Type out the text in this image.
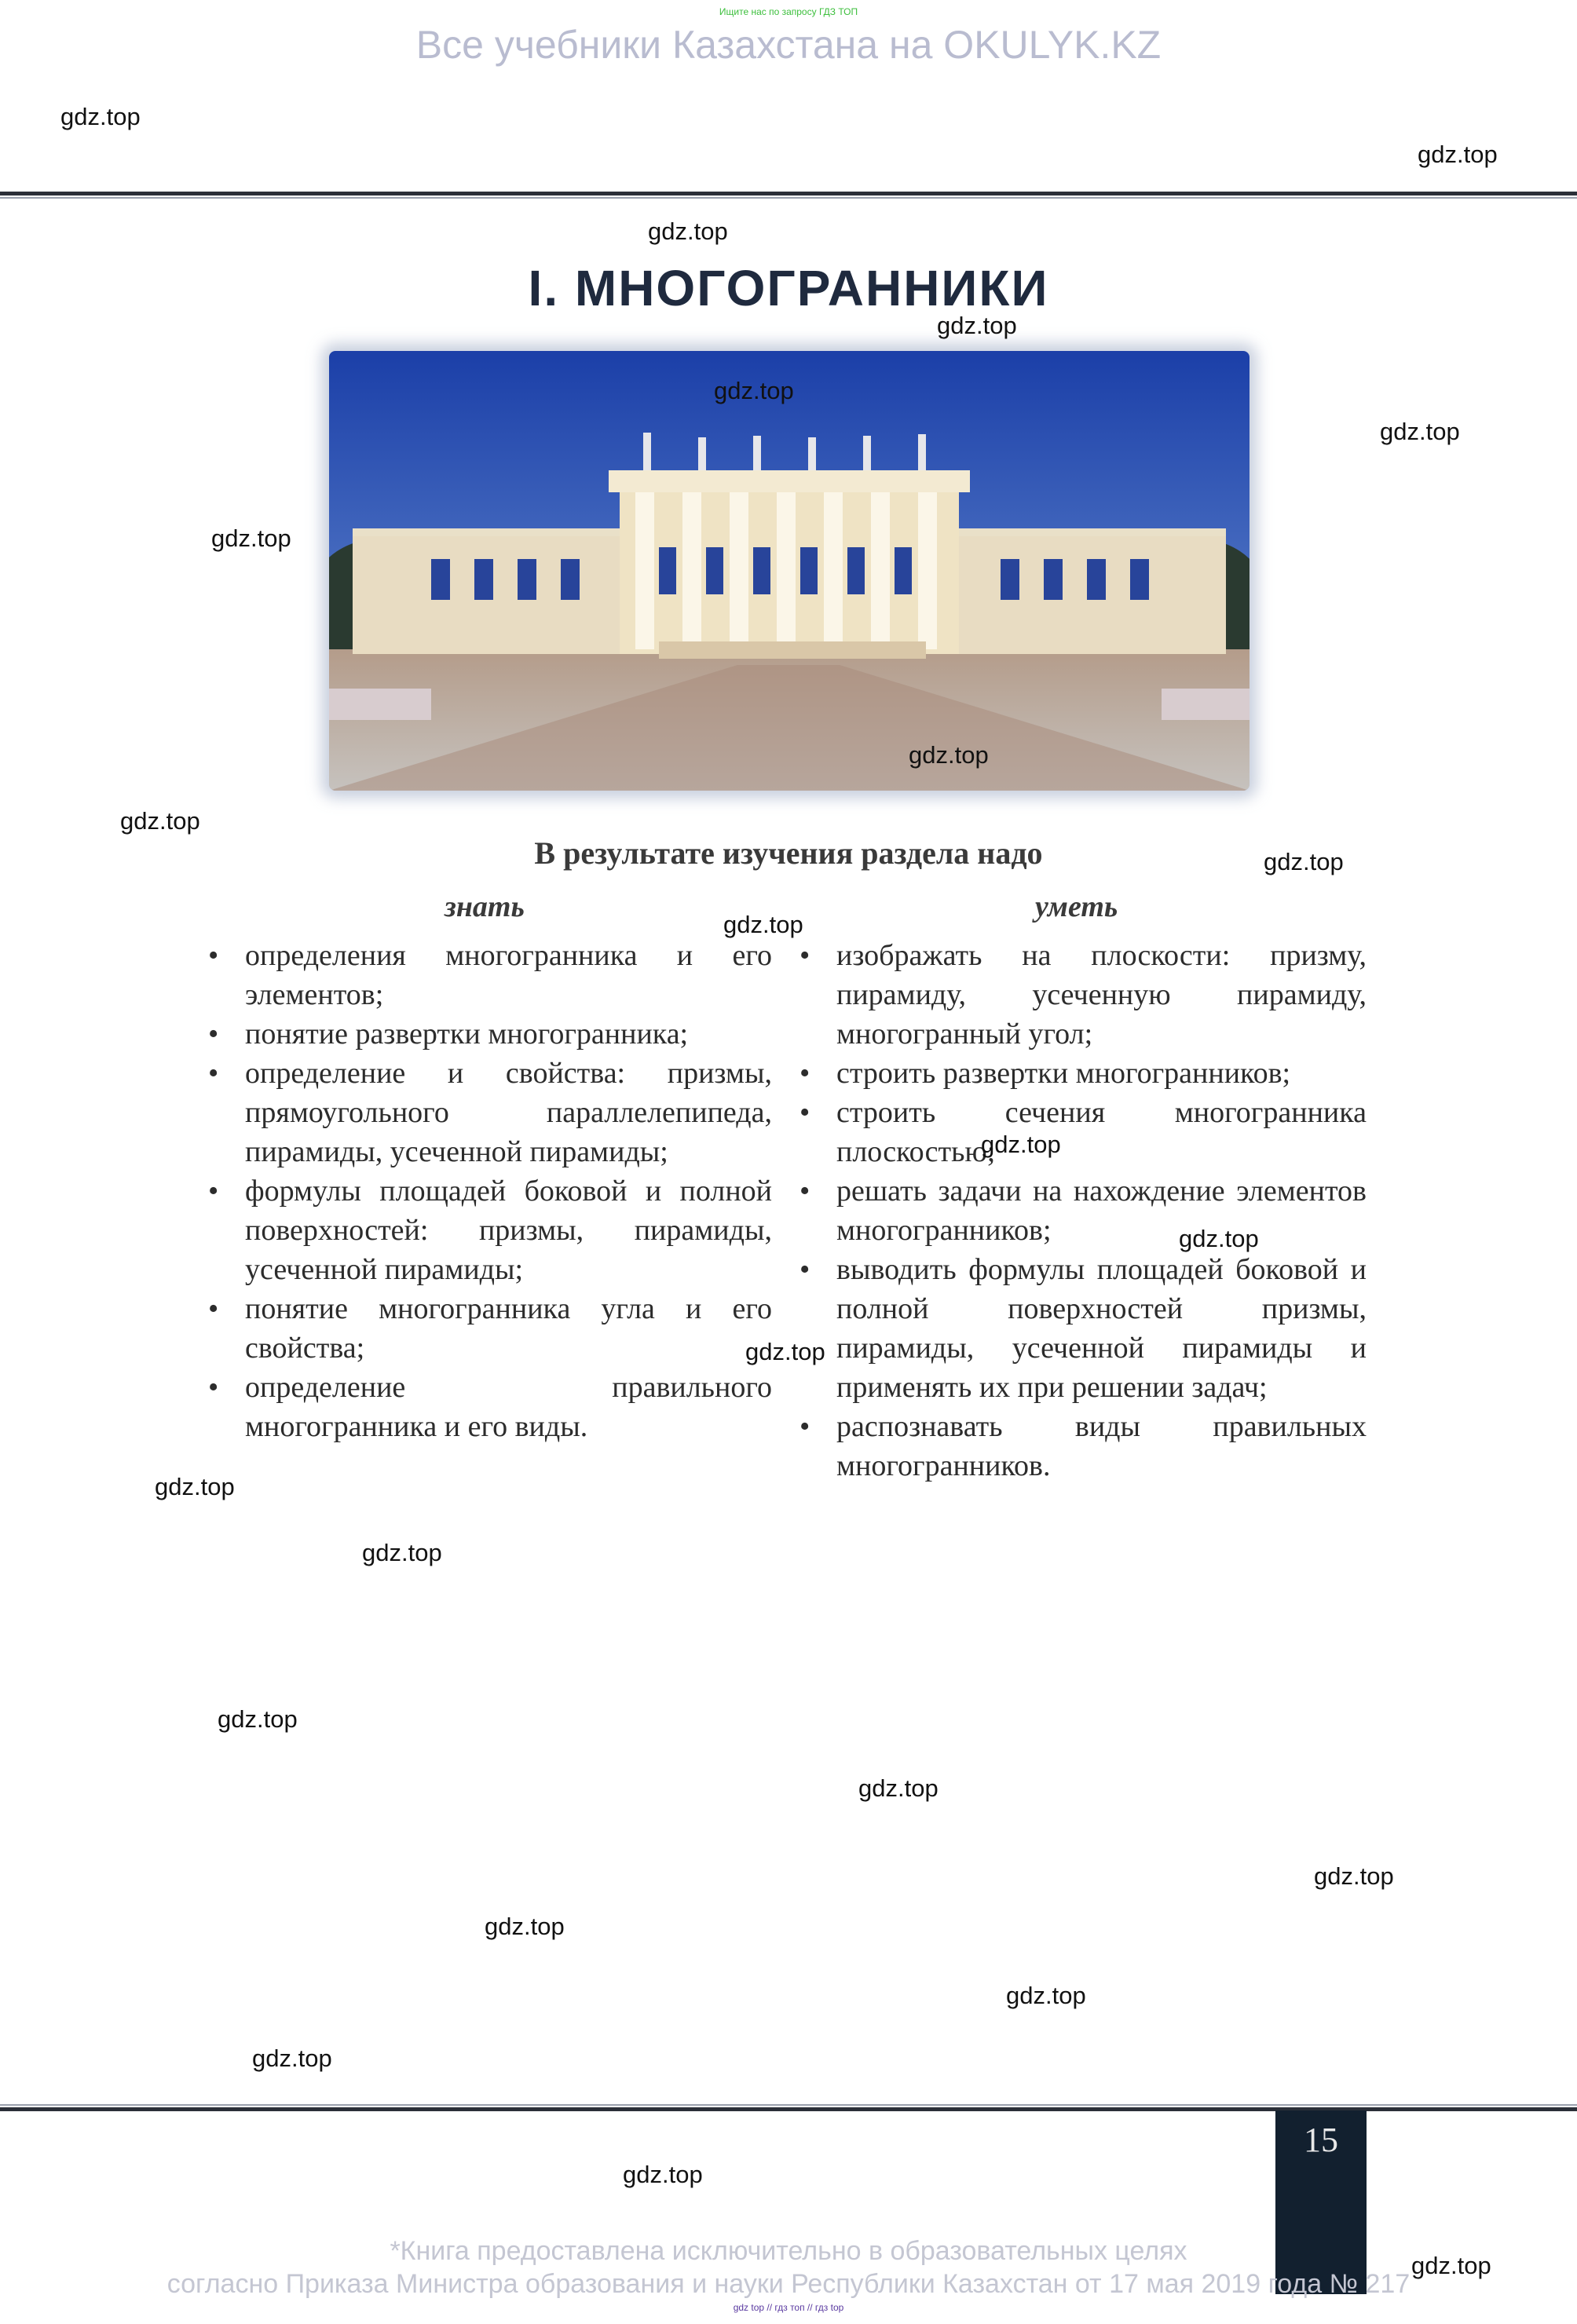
Ищите нас по запросу ГДЗ ТОП
Все учебники Казахстана на OKULYK.KZ
I. МНОГОГРАННИКИ
В результате изучения раздела надо
знать	уметь
• определения многогранника и его элементов;
• понятие развертки многогранника;
• определение и свойства: призмы, прямоугольного параллелепипеда, пирамиды, усеченной пирамиды;
• формулы площадей боковой и полной поверхностей: призмы, пирамиды, усеченной пирамиды;
• понятие многогранника угла и его свойства;
• определение правильного многогранника и его виды.
• изображать на плоскости: призму, пирамиду, усеченную пирамиду, многогранный угол;
• строить развертки многогранников;
• строить сечения многогранника плоскостью;
• решать задачи на нахождение элементов многогранников;
• выводить формулы площадей боковой и полной поверхностей призмы, пирамиды, усеченной пирамиды и применять их при решении задач;
• распознавать виды правильных многогранников.
15
*Книга предоставлена исключительно в образовательных целях
согласно Приказа Министра образования и науки Республики Казахстан от 17 мая 2019 года № 217
gdz top // гдз топ // гдз top
gdz.top
gdz.top
gdz.top
gdz.top
gdz.top
gdz.top
gdz.top
gdz.top
gdz.top
gdz.top
gdz.top
gdz.top
gdz.top
gdz.top
gdz.top
gdz.top
gdz.top
gdz.top
gdz.top
gdz.top
gdz.top
gdz.top
gdz.top
gdz.top
